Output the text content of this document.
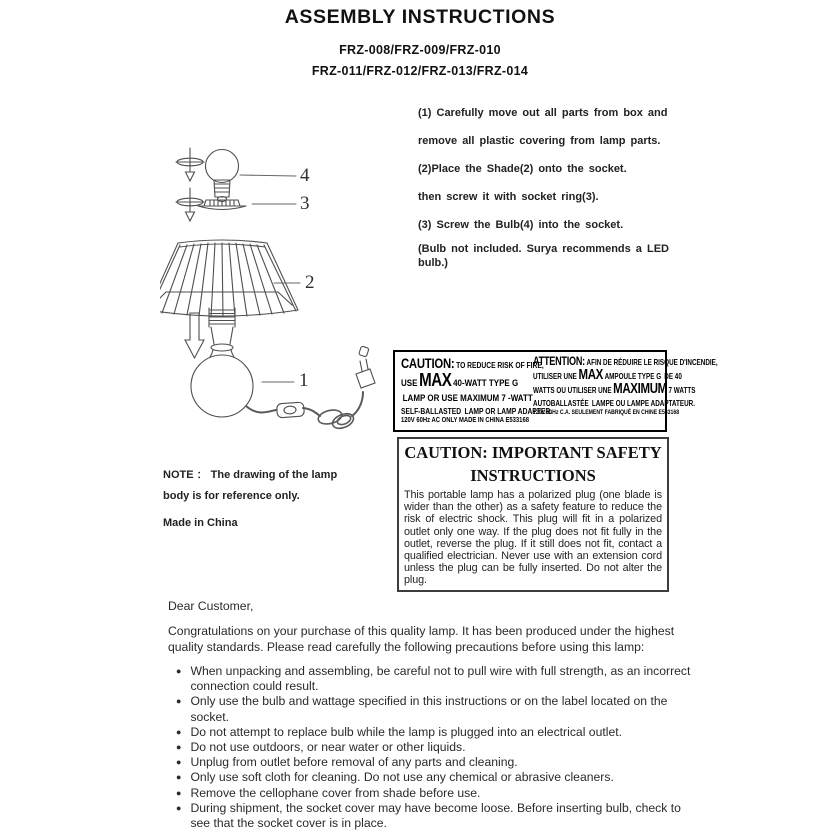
ASSEMBLY INSTRUCTIONS
FRZ-008/FRZ-009/FRZ-010
FRZ-011/FRZ-012/FRZ-013/FRZ-014
4
3
2
1

(1) Carefully move out all parts from box and

remove all plastic covering from lamp parts.

(2)Place the Shade(2) onto the socket.

then screw it with socket ring(3).

(3) Screw the Bulb(4) into the socket.

(Bulb not included. Surya recommends a LED bulb.)

CAUTION: TO REDUCE RISK OF FIRE,
USE MAX 40-WATT TYPE G
LAMP OR USE MAXIMUM 7 -WATT
SELF-BALLASTED LAMP OR LAMP ADAPTER.
120V 60Hz AC ONLY MADE IN CHINA E533168
ATTENTION: AFIN DE RÉDUIRE LE RISQUE D'INCENDIE,
UTILISER UNE MAX AMPOULE TYPE G DE 40
WATTS OU UTILISER UNE MAXIMUM 7 WATTS
AUTOBALLASTÉE LAMPE OU LAMPE ADAPTATEUR.
120V 60Hz C.A. SEULEMENT FABRIQUÉ EN CHINE E533168
CAUTION: IMPORTANT SAFETY
INSTRUCTIONS

This portable lamp has a polarized plug (one blade is wider than the other) as a safety feature to reduce the risk of electric shock. This plug will fit in a polarized outlet only one way. If the plug does not fit fully in the outlet, reverse the plug. If it still does not fit, contact a qualified electrician. Never use with an extension cord unless the plug can be fully inserted. Do not alter the plug.

NOTE ： The drawing of the lamp

body is for reference only.

Made in China

Dear Customer,

Congratulations on your purchase of this quality lamp. It has been produced under the highest quality standards. Please read carefully the following precautions before using this lamp:

● When unpacking and assembling, be careful not to pull wire with full strength, as an incorrect connection could result.
● Only use the bulb and wattage specified in this instructions or on the label located on the socket.
● Do not attempt to replace bulb while the lamp is plugged into an electrical outlet.
● Do not use outdoors, or near water or other liquids.
● Unplug from outlet before removal of any parts and cleaning.
● Only use soft cloth for cleaning. Do not use any chemical or abrasive cleaners.
● Remove the cellophane cover from shade before use.
● During shipment, the socket cover may have become loose. Before inserting bulb, check to see that the socket cover is in place.
